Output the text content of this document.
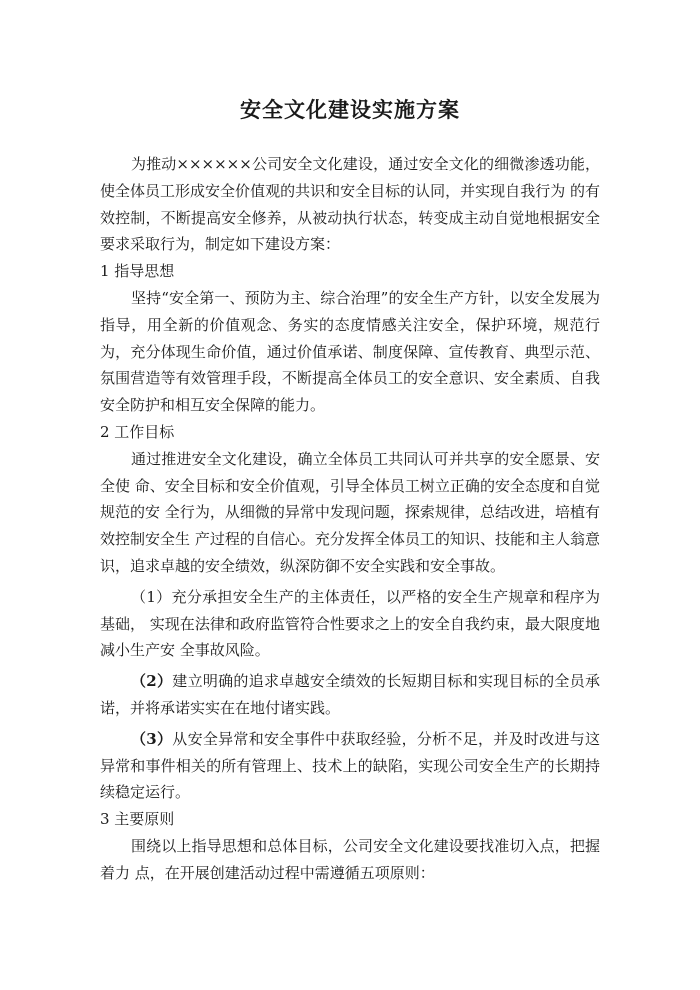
安全文化建设实施方案

为推动××××××公司安全文化建设，通过安全文化的细微渗透功能，使全体员工形成安全价值观的共识和安全目标的认同，并实现自我行为 的有效控制，不断提高安全修养，从被动执行状态，转变成主动自觉地根据安全 要求采取行为，制定如下建设方案：

1 指导思想

坚持“安全第一、预防为主、综合治理”的安全生产方针，以安全发展为指导，用全新的价值观念、务实的态度情感关注安全，保护环境，规范行为，充分体现生命价值，通过价值承诺、制度保障、宣传教育、典型示范、氛围营造等有效管理手段，不断提高全体员工的安全意识、安全素质、自我安全防护和相互安全保障的能力。

2 工作目标

通过推进安全文化建设，确立全体员工共同认可并共享的安全愿景、安全使 命、安全目标和安全价值观，引导全体员工树立正确的安全态度和自觉规范的安 全行为，从细微的异常中发现问题，探索规律，总结改进，培植有效控制安全生 产过程的自信心。充分发挥全体员工的知识、技能和主人翁意识，追求卓越的安全绩效，纵深防御不安全实践和安全事故。

（1）充分承担安全生产的主体责任，以严格的安全生产规章和程序为基础， 实现在法律和政府监管符合性要求之上的安全自我约束，最大限度地减小生产安 全事故风险。

（2）建立明确的追求卓越安全绩效的长短期目标和实现目标的全员承诺，并将承诺实实在在地付诸实践。

（3）从安全异常和安全事件中获取经验，分析不足，并及时改进与这异常和事件相关的所有管理上、技术上的缺陷，实现公司安全生产的长期持续稳定运行。

3 主要原则

围绕以上指导思想和总体目标，公司安全文化建设要找准切入点，把握着力 点，在开展创建活动过程中需遵循五项原则：
